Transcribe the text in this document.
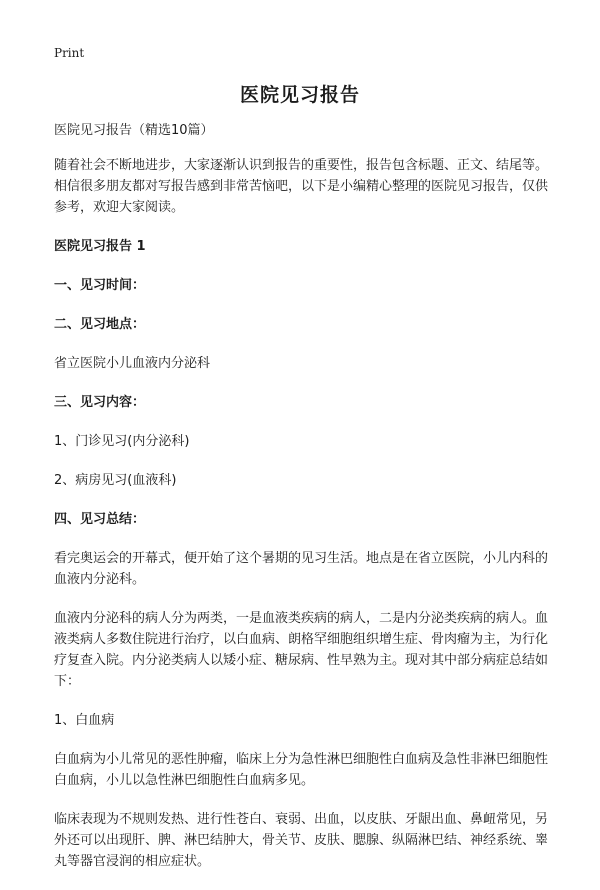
Print
医院见习报告

医院见习报告（精选10篇）

随着社会不断地进步，大家逐渐认识到报告的重要性，报告包含标题、正文、结尾等。相信很多朋友都对写报告感到非常苦恼吧，以下是小编精心整理的医院见习报告，仅供参考，欢迎大家阅读。

医院见习报告 1

一、见习时间：

二、见习地点：

省立医院小儿血液内分泌科

三、见习内容：

1、门诊见习(内分泌科)

2、病房见习(血液科)

四、见习总结：

看完奥运会的开幕式，便开始了这个暑期的见习生活。地点是在省立医院，小儿内科的血液内分泌科。

血液内分泌科的病人分为两类，一是血液类疾病的病人，二是内分泌类疾病的病人。血液类病人多数住院进行治疗，以白血病、朗格罕细胞组织增生症、骨肉瘤为主，为行化疗复查入院。内分泌类病人以矮小症、糖尿病、性早熟为主。现对其中部分病症总结如下：

1、白血病

白血病为小儿常见的恶性肿瘤，临床上分为急性淋巴细胞性白血病及急性非淋巴细胞性白血病，小儿以急性淋巴细胞性白血病多见。

临床表现为不规则发热、进行性苍白、衰弱、出血，以皮肤、牙龈出血、鼻衄常见，另外还可以出现肝、脾、淋巴结肿大，骨关节、皮肤、腮腺、纵隔淋巴结、神经系统、睾丸等器官浸润的相应症状。
